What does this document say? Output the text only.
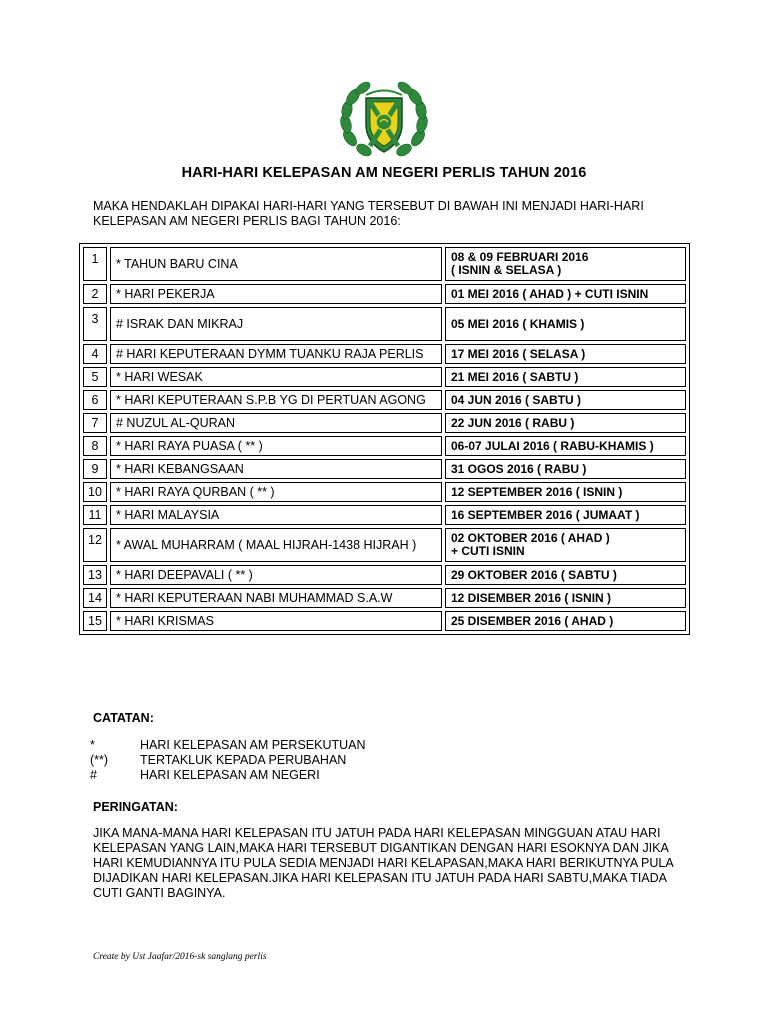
HARI-HARI KELEPASAN AM NEGERI PERLIS TAHUN 2016
MAKA HENDAKLAH DIPAKAI HARI-HARI YANG TERSEBUT DI BAWAH INI MENJADI HARI-HARI KELEPASAN AM NEGERI PERLIS BAGI TAHUN 2016:
1	* TAHUN BARU CINA	08 & 09 FEBRUARI 2016
( ISNIN & SELASA )

2	* HARI PEKERJA	01 MEI 2016 ( AHAD ) + CUTI ISNIN

3	# ISRAK DAN MIKRAJ	05 MEI 2016 ( KHAMIS )

4	# HARI KEPUTERAAN DYMM TUANKU RAJA PERLIS	17 MEI 2016 ( SELASA )

5	* HARI WESAK	21 MEI 2016 ( SABTU )

6	* HARI KEPUTERAAN S.P.B YG DI PERTUAN AGONG	04 JUN 2016 ( SABTU )

7	# NUZUL AL-QURAN	22 JUN 2016 ( RABU )

8	* HARI RAYA PUASA ( ** )	06-07 JULAI 2016 ( RABU-KHAMIS )

9	* HARI KEBANGSAAN	31 OGOS 2016 ( RABU )

10	* HARI RAYA QURBAN ( ** )	12 SEPTEMBER 2016 ( ISNIN )

11	* HARI MALAYSIA	16 SEPTEMBER 2016 ( JUMAAT )

12	* AWAL MUHARRAM ( MAAL HIJRAH-1438 HIJRAH )	02 OKTOBER 2016 ( AHAD )
+ CUTI ISNIN

13	* HARI DEEPAVALI ( ** )	29 OKTOBER 2016 ( SABTU )

14	* HARI KEPUTERAAN NABI MUHAMMAD S.A.W	12 DISEMBER 2016 ( ISNIN )

15	* HARI KRISMAS	25 DISEMBER 2016 ( AHAD )
CATATAN:
*	HARI KELEPASAN AM PERSEKUTUAN
(**)	TERTAKLUK KEPADA PERUBAHAN
#	HARI KELEPASAN AM NEGERI
PERINGATAN:
JIKA MANA-MANA HARI KELEPASAN ITU JATUH PADA HARI KELEPASAN MINGGUAN ATAU HARI KELEPASAN YANG LAIN,MAKA HARI TERSEBUT DIGANTIKAN DENGAN HARI ESOKNYA DAN JIKA HARI KEMUDIANNYA ITU PULA SEDIA MENJADI HARI KELAPASAN,MAKA HARI BERIKUTNYA PULA DIJADIKAN HARI KELEPASAN.JIKA HARI KELEPASAN ITU JATUH PADA HARI SABTU,MAKA TIADA CUTI GANTI BAGINYA.
Create by Ust Jaafar/2016-sk sanglang perlis
